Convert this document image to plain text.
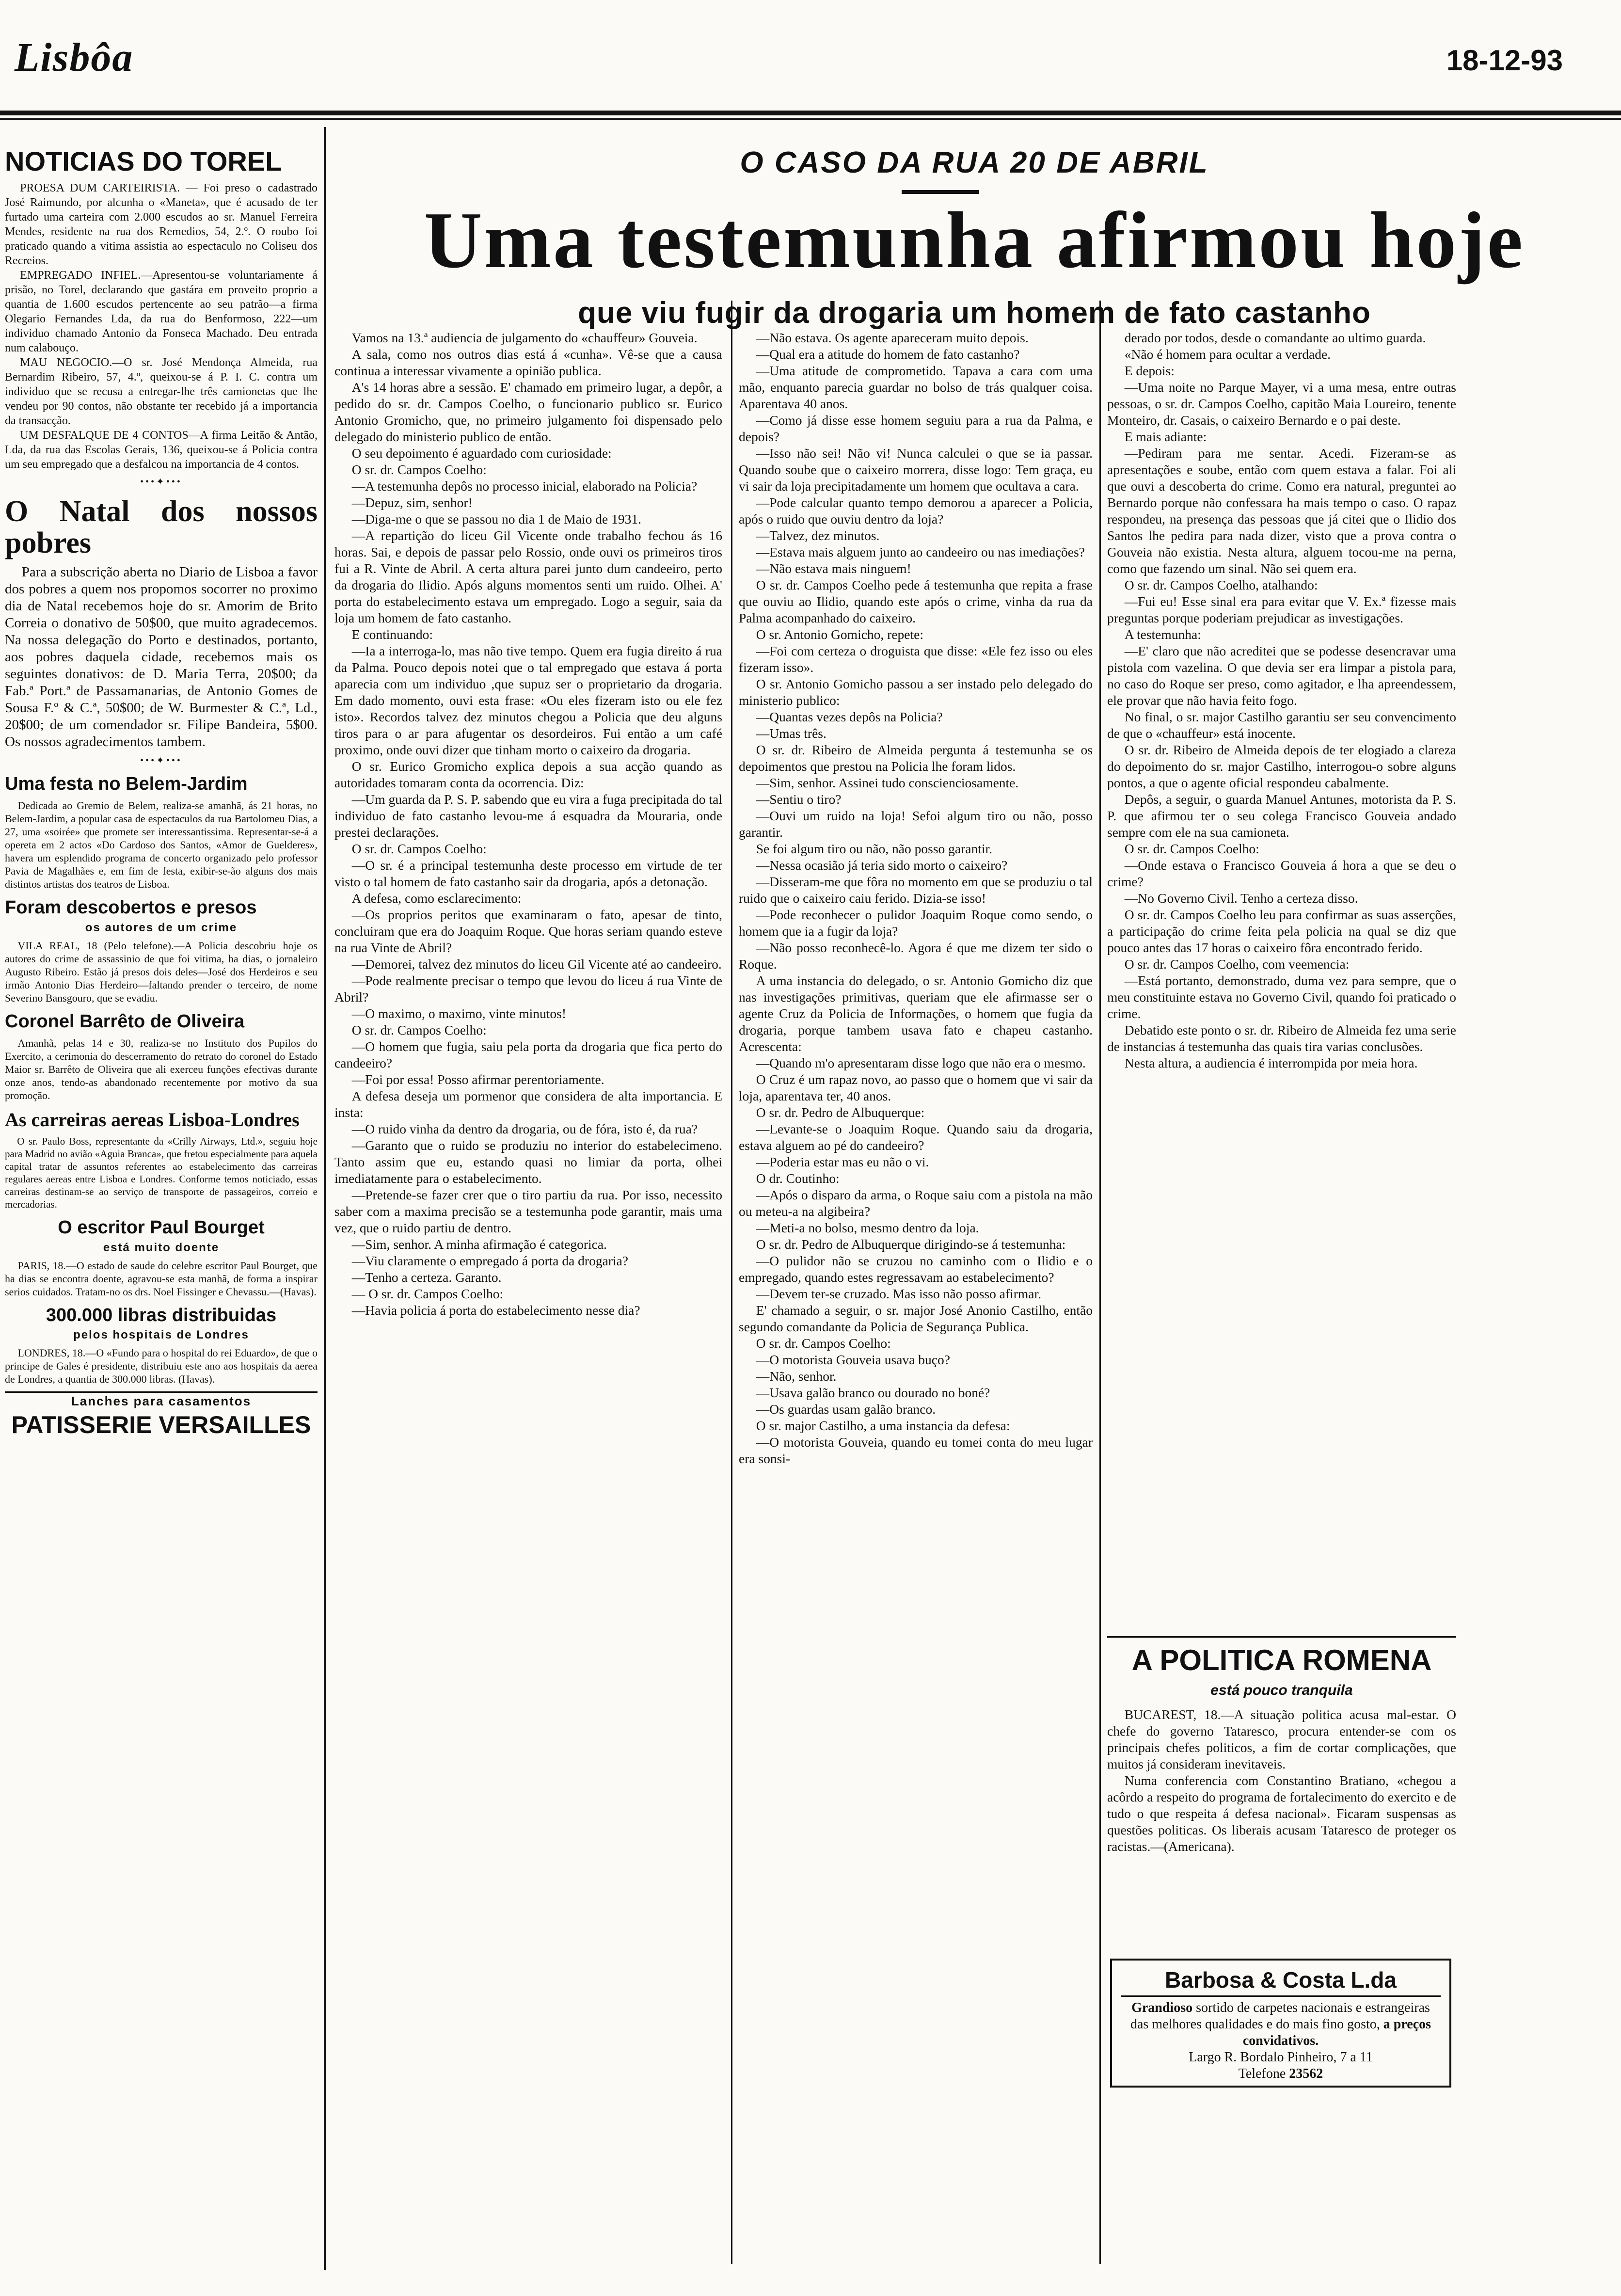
Lisbôa	18-12-93
O CASO DA RUA 20 DE ABRIL
Uma testemunha afirmou hoje
que viu fugir da drogaria um homem de fato castanho

Vamos na 13.ª audiencia de julgamento do «chauffeur» Gouveia.

A sala, como nos outros dias está á «cunha». Vê-se que a causa continua a interessar vivamente a opinião publica.

A's 14 horas abre a sessão. E' chamado em primeiro lugar, a depôr, a pedido do sr. dr. Campos Coelho, o funcionario publico sr. Eurico Antonio Gromicho, que, no primeiro julgamento foi dispensado pelo delegado do ministerio publico de então.

O seu depoimento é aguardado com curiosidade:

O sr. dr. Campos Coelho:

—A testemunha depôs no processo inicial, elaborado na Policia?

—Depuz, sim, senhor!

—Diga-me o que se passou no dia 1 de Maio de 1931.

—A repartição do liceu Gil Vicente onde trabalho fechou ás 16 horas. Sai, e depois de passar pelo Rossio, onde ouvi os primeiros tiros fui a R. Vinte de Abril. A certa altura parei junto dum candeeiro, perto da drogaria do Ilidio. Após alguns momentos senti um ruido. Olhei. A' porta do estabelecimento estava um empregado. Logo a seguir, saia da loja um homem de fato castanho.

E continuando:

—Ia a interroga-lo, mas não tive tempo. Quem era fugia direito á rua da Palma. Pouco depois notei que o tal empregado que estava á porta aparecia com um individuo ,que supuz ser o proprietario da drogaria. Em dado momento, ouvi esta frase: «Ou eles fizeram isto ou ele fez isto». Recordos talvez dez minutos chegou a Policia que deu alguns tiros para o ar para afugentar os desordeiros. Fui então a um café proximo, onde ouvi dizer que tinham morto o caixeiro da drogaria.

O sr. Eurico Gromicho explica depois a sua acção quando as autoridades tomaram conta da ocorrencia. Diz:

—Um guarda da P. S. P. sabendo que eu vira a fuga precipitada do tal individuo de fato castanho levou-me á esquadra da Mouraria, onde prestei declarações.

O sr. dr. Campos Coelho:

—O sr. é a principal testemunha deste processo em virtude de ter visto o tal homem de fato castanho sair da drogaria, após a detonação.

A defesa, como esclarecimento:

—Os proprios peritos que examinaram o fato, apesar de tinto, concluiram que era do Joaquim Roque. Que horas seriam quando esteve na rua Vinte de Abril?

—Demorei, talvez dez minutos do liceu Gil Vicente até ao candeeiro.

—Pode realmente precisar o tempo que levou do liceu á rua Vinte de Abril?

—O maximo, o maximo, vinte minutos!

O sr. dr. Campos Coelho:

—O homem que fugia, saiu pela porta da drogaria que fica perto do candeeiro?

—Foi por essa! Posso afirmar perentoriamente.

A defesa deseja um pormenor que considera de alta importancia. E insta:

—O ruido vinha da dentro da drogaria, ou de fóra, isto é, da rua?

—Garanto que o ruido se produziu no interior do estabelecimeno. Tanto assim que eu, estando quasi no limiar da porta, olhei imediatamente para o estabelecimento.

—Pretende-se fazer crer que o tiro partiu da rua. Por isso, necessito saber com a maxima precisão se a testemunha pode garantir, mais uma vez, que o ruido partiu de dentro.

—Sim, senhor. A minha afirmação é categorica.

—Viu claramente o empregado á porta da drogaria?

—Tenho a certeza. Garanto.

— O sr. dr. Campos Coelho:

—Havia policia á porta do estabelecimento nesse dia?

—Não estava. Os agente apareceram muito depois.

—Qual era a atitude do homem de fato castanho?

—Uma atitude de comprometido. Tapava a cara com uma mão, enquanto parecia guardar no bolso de trás qualquer coisa. Aparentava 40 anos.

—Como já disse esse homem seguiu para a rua da Palma, e depois?

—Isso não sei! Não vi! Nunca calculei o que se ia passar. Quando soube que o caixeiro morrera, disse logo: Tem graça, eu vi sair da loja precipitadamente um homem que ocultava a cara.

—Pode calcular quanto tempo demorou a aparecer a Policia, após o ruido que ouviu dentro da loja?

—Talvez, dez minutos.

—Estava mais alguem junto ao candeeiro ou nas imediações?

—Não estava mais ninguem!

O sr. dr. Campos Coelho pede á testemunha que repita a frase que ouviu ao Ilidio, quando este após o crime, vinha da rua da Palma acompanhado do caixeiro.

O sr. Antonio Gomicho, repete:

—Foi com certeza o droguista que disse: «Ele fez isso ou eles fizeram isso».

O sr. Antonio Gomicho passou a ser instado pelo delegado do ministerio publico:

—Quantas vezes depôs na Policia?

—Umas três.

O sr. dr. Ribeiro de Almeida pergunta á testemunha se os depoimentos que prestou na Policia lhe foram lidos.

—Sim, senhor. Assinei tudo conscienciosamente.

—Sentiu o tiro?

—Ouvi um ruido na loja! Sefoi algum tiro ou não, posso garantir.

Se foi algum tiro ou não, não posso garantir.

—Nessa ocasião já teria sido morto o caixeiro?

—Disseram-me que fôra no momento em que se produziu o tal ruido que o caixeiro caiu ferido. Dizia-se isso!

—Pode reconhecer o pulidor Joaquim Roque como sendo, o homem que ia a fugir da loja?

—Não posso reconhecê-lo. Agora é que me dizem ter sido o Roque.

A uma instancia do delegado, o sr. Antonio Gomicho diz que nas investigações primitivas, queriam que ele afirmasse ser o agente Cruz da Policia de Informações, o homem que fugia da drogaria, porque tambem usava fato e chapeu castanho. Acrescenta:

—Quando m'o apresentaram disse logo que não era o mesmo.

O Cruz é um rapaz novo, ao passo que o homem que vi sair da loja, aparentava ter, 40 anos.

O sr. dr. Pedro de Albuquerque:

—Levante-se o Joaquim Roque. Quando saiu da drogaria, estava alguem ao pé do candeeiro?

—Poderia estar mas eu não o vi.

O dr. Coutinho:

—Após o disparo da arma, o Roque saiu com a pistola na mão ou meteu-a na algibeira?

—Meti-a no bolso, mesmo dentro da loja.

O sr. dr. Pedro de Albuquerque dirigindo-se á testemunha:

—O pulidor não se cruzou no caminho com o Ilidio e o empregado, quando estes regressavam ao estabelecimento?

—Devem ter-se cruzado. Mas isso não posso afirmar.

E' chamado a seguir, o sr. major José Anonio Castilho, então segundo comandante da Policia de Segurança Publica.

O sr. dr. Campos Coelho:

—O motorista Gouveia usava buço?

—Não, senhor.

—Usava galão branco ou dourado no boné?

—Os guardas usam galão branco.

O sr. major Castilho, a uma instancia da defesa:

—O motorista Gouveia, quando eu tomei conta do meu lugar era sonsi-

derado por todos, desde o comandante ao ultimo guarda.

«Não é homem para ocultar a verdade.

E depois:

—Uma noite no Parque Mayer, vi a uma mesa, entre outras pessoas, o sr. dr. Campos Coelho, capitão Maia Loureiro, tenente Monteiro, dr. Casais, o caixeiro Bernardo e o pai deste.

E mais adiante:

—Pediram para me sentar. Acedi. Fizeram-se as apresentações e soube, então com quem estava a falar. Foi ali que ouvi a descoberta do crime. Como era natural, preguntei ao Bernardo porque não confessara ha mais tempo o caso. O rapaz respondeu, na presença das pessoas que já citei que o Ilidio dos Santos lhe pedira para nada dizer, visto que a prova contra o Gouveia não existia. Nesta altura, alguem tocou-me na perna, como que fazendo um sinal. Não sei quem era.

O sr. dr. Campos Coelho, atalhando:

—Fui eu! Esse sinal era para evitar que V. Ex.ª fizesse mais preguntas porque poderiam prejudicar as investigações.

A testemunha:

—E' claro que não acreditei que se podesse desencravar uma pistola com vazelina. O que devia ser era limpar a pistola para, no caso do Roque ser preso, como agitador, e lha apreendessem, ele provar que não havia feito fogo.

No final, o sr. major Castilho garantiu ser seu convencimento de que o «chauffeur» está inocente.

O sr. dr. Ribeiro de Almeida depois de ter elogiado a clareza do depoimento do sr. major Castilho, interrogou-o sobre alguns pontos, a que o agente oficial respondeu cabalmente.

Depôs, a seguir, o guarda Manuel Antunes, motorista da P. S. P. que afirmou ter o seu colega Francisco Gouveia andado sempre com ele na sua camioneta.

O sr. dr. Campos Coelho:

—Onde estava o Francisco Gouveia á hora a que se deu o crime?

—No Governo Civil. Tenho a certeza disso.

O sr. dr. Campos Coelho leu para confirmar as suas asserções, a participação do crime feita pela policia na qual se diz que pouco antes das 17 horas o caixeiro fôra encontrado ferido.

O sr. dr. Campos Coelho, com veemencia:

—Está portanto, demonstrado, duma vez para sempre, que o meu constituinte estava no Governo Civil, quando foi praticado o crime.

Debatido este ponto o sr. dr. Ribeiro de Almeida fez uma serie de instancias á testemunha das quais tira varias conclusões.

Nesta altura, a audiencia é interrompida por meia hora.

A POLITICA ROMENA
está pouco tranquila

BUCAREST, 18.—A situação politica acusa mal-estar. O chefe do governo Tataresco, procura entender-se com os principais chefes politicos, a fim de cortar complicações, que muitos já consideram inevitaveis.

Numa conferencia com Constantino Bratiano, «chegou a acôrdo a respeito do programa de fortalecimento do exercito e de tudo o que respeita á defesa nacional». Ficaram suspensas as questões politicas. Os liberais acusam Tataresco de proteger os racistas.—(Americana).

Barbosa & Costa L.da
Grandioso sortido de carpetes nacionais e estrangeiras das melhores qualidades e do mais fino gosto, a preços convidativos.
Largo R. Bordalo Pinheiro, 7 a 11
Telefone 23562
NOTICIAS DO TOREL

PROESA DUM CARTEIRISTA. — Foi preso o cadastrado José Raimundo, por alcunha o «Maneta», que é acusado de ter furtado uma carteira com 2.000 escudos ao sr. Manuel Ferreira Mendes, residente na rua dos Remedios, 54, 2.º. O roubo foi praticado quando a vitima assistia ao espectaculo no Coliseu dos Recreios.

EMPREGADO INFIEL.—Apresentou-se voluntariamente á prisão, no Torel, declarando que gastára em proveito proprio a quantia de 1.600 escudos pertencente ao seu patrão—a firma Olegario Fernandes Lda, da rua do Benformoso, 222—um individuo chamado Antonio da Fonseca Machado. Deu entrada num calabouço.

MAU NEGOCIO.—O sr. José Mendonça Almeida, rua Bernardim Ribeiro, 57, 4.º, queixou-se á P. I. C. contra um individuo que se recusa a entregar-lhe três camionetas que lhe vendeu por 90 contos, não obstante ter recebido já a importancia da transacção.

UM DESFALQUE DE 4 CONTOS—A firma Leitão & Antão, Lda, da rua das Escolas Gerais, 136, queixou-se á Policia contra um seu empregado que a desfalcou na importancia de 4 contos.

•••✦•••
O Natal dos nossos pobres

Para a subscrição aberta no Diario de Lisboa a favor dos pobres a quem nos propomos socorrer no proximo dia de Natal recebemos hoje do sr. Amorim de Brito Correia o donativo de 50$00, que muito agradecemos. Na nossa delegação do Porto e destinados, portanto, aos pobres daquela cidade, recebemos mais os seguintes donativos: de D. Maria Terra, 20$00; da Fab.ª Port.ª de Passamanarias, de Antonio Gomes de Sousa F.º & C.ª, 50$00; de W. Burmester & C.ª, Ld., 20$00; de um comendador sr. Filipe Bandeira, 5$00. Os nossos agradecimentos tambem.

•••✦•••
Uma festa no Belem-Jardim

Dedicada ao Gremio de Belem, realiza-se amanhã, ás 21 horas, no Belem-Jardim, a popular casa de espectaculos da rua Bartolomeu Dias, a 27, uma «soirée» que promete ser interessantissima. Representar-se-á a opereta em 2 actos «Do Cardoso dos Santos, «Amor de Guelderes», havera um esplendido programa de concerto organizado pelo professor Pavia de Magalhães e, em fim de festa, exibir-se-ão alguns dos mais distintos artistas dos teatros de Lisboa.

Foram descobertos e presos
os autores de um crime

VILA REAL, 18 (Pelo telefone).—A Policia descobriu hoje os autores do crime de assassinio de que foi vitima, ha dias, o jornaleiro Augusto Ribeiro. Estão já presos dois deles—José dos Herdeiros e seu irmão Antonio Dias Herdeiro—faltando prender o terceiro, de nome Severino Bansgouro, que se evadiu.

Coronel Barrêto de Oliveira

Amanhã, pelas 14 e 30, realiza-se no Instituto dos Pupilos do Exercito, a cerimonia do descerramento do retrato do coronel do Estado Maior sr. Barrêto de Oliveira que ali exerceu funções efectivas durante onze anos, tendo-as abandonado recentemente por motivo da sua promoção.

As carreiras aereas Lisboa-Londres

O sr. Paulo Boss, representante da «Crilly Airways, Ltd.», seguiu hoje para Madrid no avião «Aguia Branca», que fretou especialmente para aquela capital tratar de assuntos referentes ao estabelecimento das carreiras regulares aereas entre Lisboa e Londres. Conforme temos noticiado, essas carreiras destinam-se ao serviço de transporte de passageiros, correio e mercadorias.

O escritor Paul Bourget
está muito doente

PARIS, 18.—O estado de saude do celebre escritor Paul Bourget, que ha dias se encontra doente, agravou-se esta manhã, de forma a inspirar serios cuidados. Tratam-no os drs. Noel Fissinger e Chevassu.—(Havas).

300.000 libras distribuidas
pelos hospitais de Londres

LONDRES, 18.—O «Fundo para o hospital do rei Eduardo», de que o principe de Gales é presidente, distribuiu este ano aos hospitais da aerea de Londres, a quantia de 300.000 libras. (Havas).

Lanches para casamentos
PATISSERIE VERSAILLES
